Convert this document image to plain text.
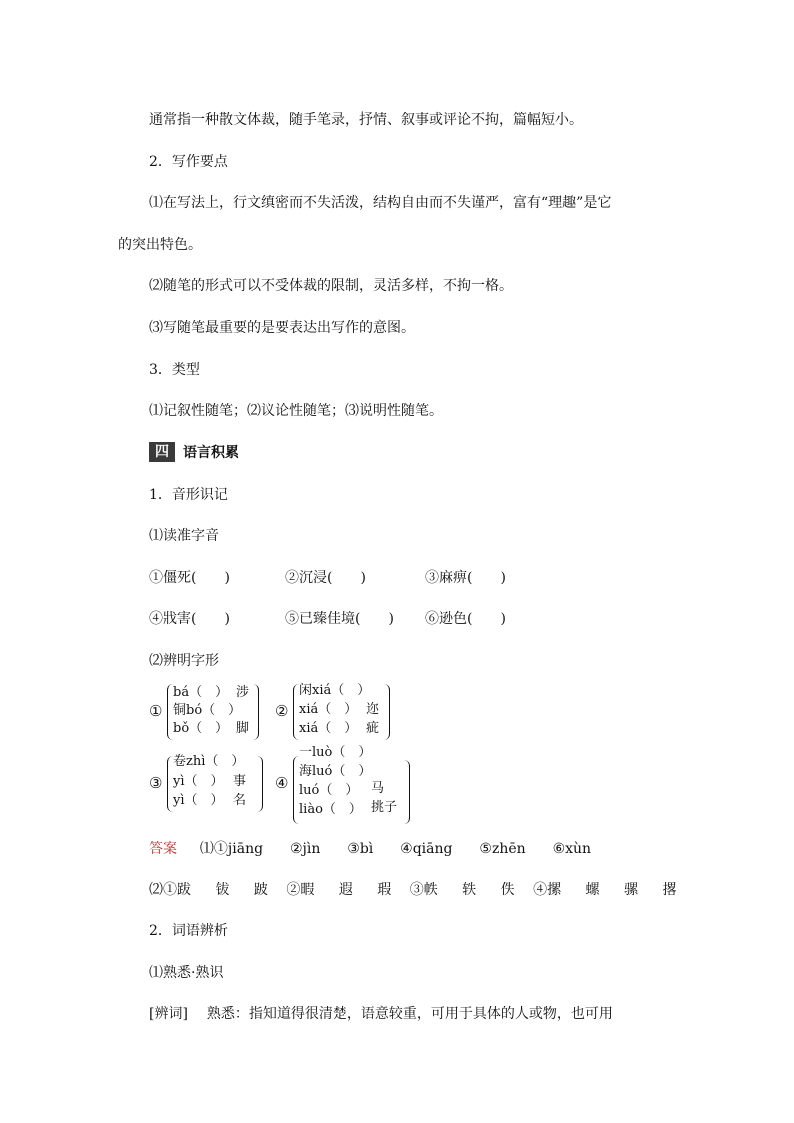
通常指一种散文体裁，随手笔录，抒情、叙事或评论不拘，篇幅短小。
2．写作要点
⑴在写法上，行文缜密而不失活泼，结构自由而不失谨严，富有“理趣”是它
的突出特色。
⑵随笔的形式可以不受体裁的限制，灵活多样，不拘一格。
⑶写随笔最重要的是要表达出写作的意图。
3．类型
⑴记叙性随笔；⑵议论性随笔；⑶说明性随笔。
四	语言积累
1．音形识记
⑴读准字音
①僵死(　　)	②沉浸(　　)	③麻痹(　　)
④戕害(　　)	⑤已臻佳境(　　) ⑥逊色(　　)
⑵辨明字形
①
bá（　） 涉
铜bó（　）
bǒ（　） 脚
②
闲xiá（　）
xiá（　） 迩
xiá（　） 疵
③
卷zhì（　）
yì（　） 事
yì（　） 名
④
一luò（　）
海luó（　）
luó（　） 马
liào（　） 挑子
答案 ⑴①jiāng ②jìn ③bì ④qiāng ⑤zhēn ⑥xùn
⑵①跋 钹 跛 ②暇 遐 瑕 ③帙 轶 佚 ④摞 螺 骡 撂
2．词语辨析
⑴熟悉·熟识
[辨词] 熟悉：指知道得很清楚，语意较重，可用于具体的人或物，也可用
